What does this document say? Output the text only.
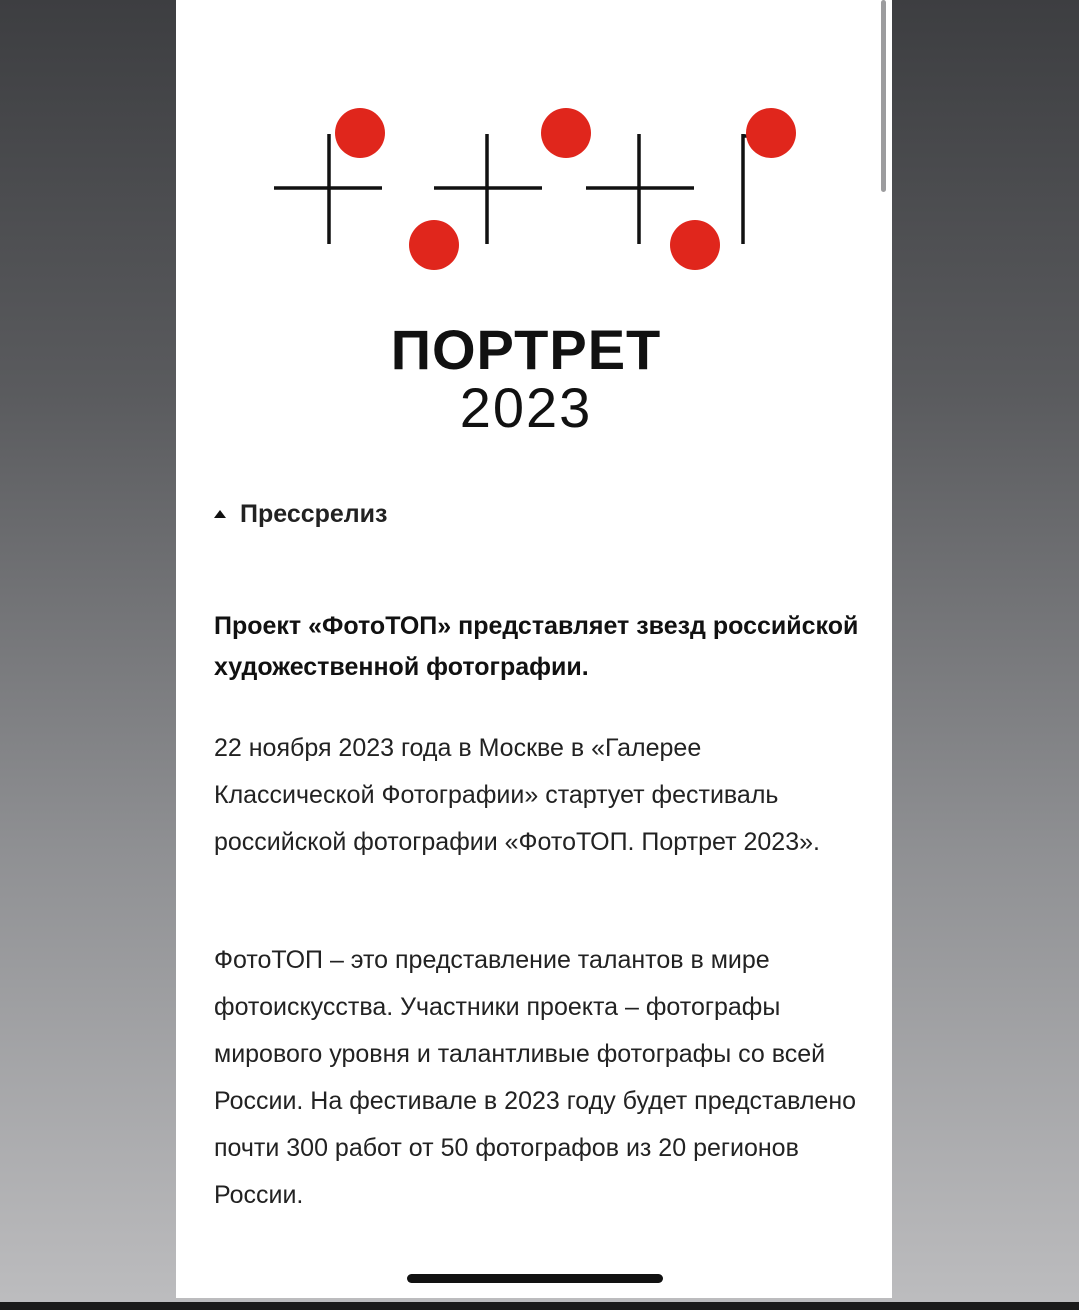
ПОРТРЕТ
2023
Прессрелиз
Проект «ФотоТОП» представляет звезд российской художественной фотографии.
22 ноября 2023 года в Москве в «Галерее Классической Фотографии» стартует фестиваль российской фотографии «ФотоТОП. Портрет 2023».
ФотоТОП – это представление талантов в мире фотоискусства. Участники проекта – фотографы мирового уровня и талантливые фотографы со всей России. На фестивале в 2023 году будет представлено почти 300 работ от 50 фотографов из 20 регионов России.
